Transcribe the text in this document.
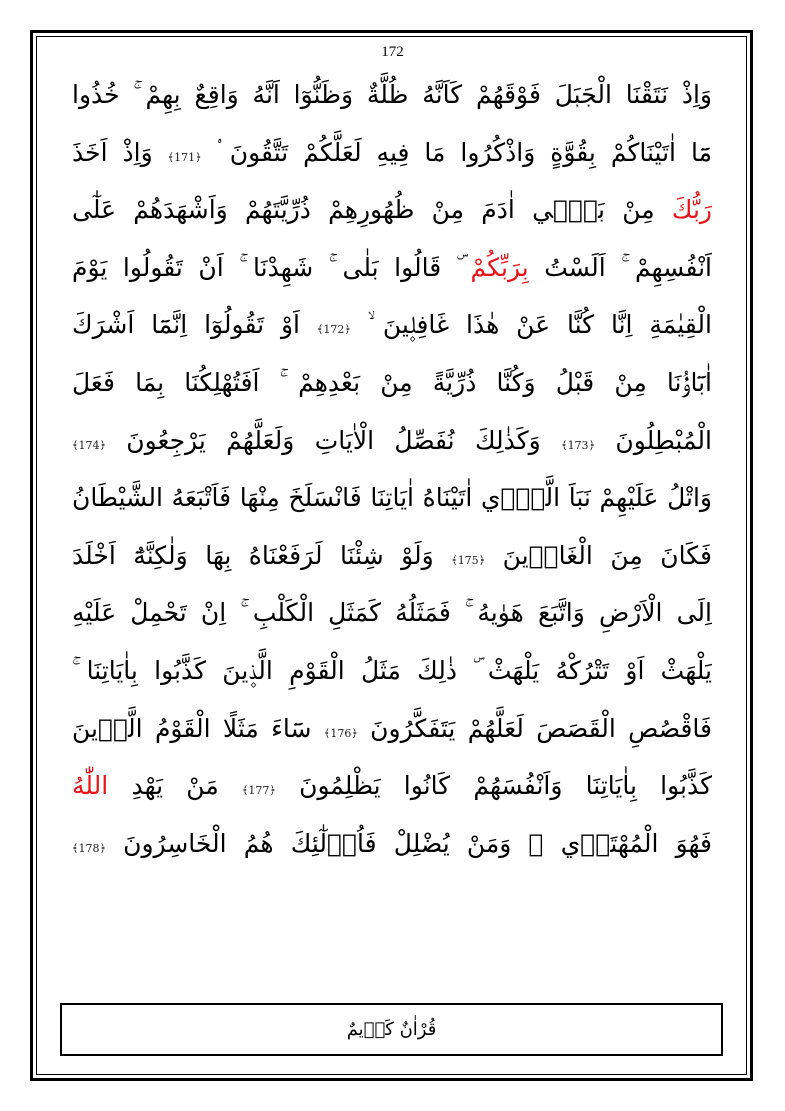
172
وَاِذْ نَتَقْنَا الْجَبَلَ فَوْقَهُمْ كَاَنَّهُ ظُلَّةٌ وَظَنُّوٓا اَنَّهُ وَاقِعٌ بِهِمْ ۚ خُذُوا
مَٓا اٰتَيْنَاكُمْ بِقُوَّةٍ وَاذْكُرُوا مَا فِيهِ لَعَلَّكُمْ تَتَّقُونَ ۟ ﴿171﴾ وَاِذْ اَخَذَ
رَبُّكَ مِنْ بَن۪ٓي اٰدَمَ مِنْ ظُهُورِهِمْ ذُرِّيَّتَهُمْ وَاَشْهَدَهُمْ عَلٰٓى
اَنْفُسِهِمْ ۚ اَلَسْتُ بِرَبِّكُمْ ۜ قَالُوا بَلٰى ۚ شَهِدْنَا ۚ اَنْ تَقُولُوا يَوْمَ
الْقِيٰمَةِ اِنَّا كُنَّا عَنْ هٰذَا غَافِل۪ينَ ۙ ﴿172﴾ اَوْ تَقُولُوٓا اِنَّمَٓا اَشْرَكَ
اٰبَٓاؤُ۬نَا مِنْ قَبْلُ وَكُنَّا ذُرِّيَّةً مِنْ بَعْدِهِمْ ۚ اَفَتُهْلِكُنَا بِمَا فَعَلَ
الْمُبْطِلُونَ ﴿173﴾ وَكَذٰلِكَ نُفَصِّلُ الْاٰيَاتِ وَلَعَلَّهُمْ يَرْجِعُونَ ﴿174﴾
وَاتْلُ عَلَيْهِمْ نَبَاَ الَّذ۪ٓي اٰتَيْنَاهُ اٰيَاتِنَا فَانْسَلَخَ مِنْهَا فَاَتْبَعَهُ الشَّيْطَانُ
فَكَانَ مِنَ الْغَاو۪ينَ ﴿175﴾ وَلَوْ شِئْنَا لَرَفَعْنَاهُ بِهَا وَلٰكِنَّهُٓ اَخْلَدَ
اِلَى الْاَرْضِ وَاتَّبَعَ هَوٰيهُ ۚ فَمَثَلُهُ كَمَثَلِ الْكَلْبِ ۚ اِنْ تَحْمِلْ عَلَيْهِ
يَلْهَثْ اَوْ تَتْرُكْهُ يَلْهَثْ ۜ ذٰلِكَ مَثَلُ الْقَوْمِ الَّذ۪ينَ كَذَّبُوا بِاٰيَاتِنَا ۚ
فَاقْصُصِ الْقَصَصَ لَعَلَّهُمْ يَتَفَكَّرُونَ ﴿176﴾ سَٓاءَ مَثَلًا الْقَوْمُ الَّذ۪ينَ
كَذَّبُوا بِاٰيَاتِنَا وَاَنْفُسَهُمْ كَانُوا يَظْلِمُونَ ﴿177﴾ مَنْ يَهْدِ اللّٰهُ
فَهُوَ الْمُهْتَد۪ي ۚ وَمَنْ يُضْلِلْ فَاُو۬لٰٓئِكَ هُمُ الْخَاسِرُونَ ﴿178﴾
قُرْاٰنٌ كَر۪يمٌ
